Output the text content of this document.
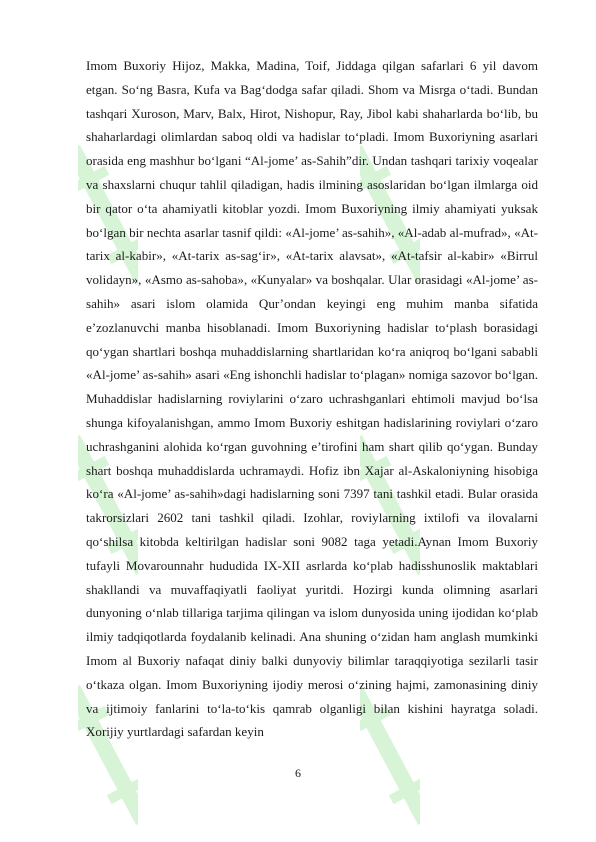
Imom Buxoriy Hijoz, Makka, Madina, Toif, Jiddaga qilgan safarlari 6 yil davom etgan. So‘ng Basra, Kufa va Bag‘dodga safar qiladi. Shom va Misrga o‘tadi. Bundan tashqari Xuroson, Marv, Balx, Hirot, Nishopur, Ray, Jibol kabi shaharlarda bo‘lib, bu shaharlardagi olimlardan saboq oldi va hadislar to‘pladi. Imom Buxoriyning asarlari orasida eng mashhur bo‘lgani “Al-jome’ as-Sahih”dir. Undan tashqari tarixiy voqealar va shaxslarni chuqur tahlil qiladigan, hadis ilmining asoslaridan bo‘lgan ilmlarga oid bir qator o‘ta ahamiyatli kitoblar yozdi. Imom Buxoriyning ilmiy ahamiyati yuksak bo‘lgan bir nechta asarlar tasnif qildi: «Al-jome’ as-sahih», «Al-adab al-mufrad», «At-tarix al-kabir», «At-tarix as-sag‘ir», «At-tarix alavsat», «At-tafsir al-kabir» «Birrul volidayn», «Asmo as-sahoba», «Kunyalar» va boshqalar. Ular orasidagi «Al-jome’ as-sahih» asari islom olamida Qur’ondan keyingi eng muhim manba sifatida e’zozlanuvchi manba hisoblanadi. Imom Buxoriyning hadislar to‘plash borasidagi qo‘ygan shartlari boshqa muhaddislarning shartlaridan ko‘ra aniqroq bo‘lgani sababli «Al-jome’ as-sahih» asari «Eng ishonchli hadislar to‘plagan» nomiga sazovor bo‘lgan. Muhaddislar hadislarning roviylarini o‘zaro uchrashganlari ehtimoli mavjud bo‘lsa shunga kifoyalanishgan, ammo Imom Buxoriy eshitgan hadislarining roviylari o‘zaro uchrashganini alohida ko‘rgan guvohning e’tirofini ham shart qilib qo‘ygan. Bunday shart boshqa muhaddislarda uchramaydi. Hofiz ibn Xajar al-Askaloniyning hisobiga ko‘ra «Al-jome’ as-sahih»dagi hadislarning soni 7397 tani tashkil etadi. Bular orasida takrorsizlari 2602 tani tashkil qiladi. Izohlar, roviylarning ixtilofi va ilovalarni qo‘shilsa kitobda keltirilgan hadislar soni 9082 taga yetadi.Aynan Imom Buxoriy tufayli Movarounnahr hududida IX-XII asrlarda ko‘plab hadisshunoslik maktablari shakllandi va muvaffaqiyatli faoliyat yuritdi. Hozirgi kunda olimning asarlari dunyoning o‘nlab tillariga tarjima qilingan va islom dunyosida uning ijodidan ko‘plab ilmiy tadqiqotlarda foydalanib kelinadi. Ana shuning o‘zidan ham anglash mumkinki Imom al Buxoriy nafaqat diniy balki dunyoviy bilimlar taraqqiyotiga sezilarli tasir o‘tkaza olgan. Imom Buxoriyning ijodiy merosi o‘zining hajmi, zamonasining diniy va ijtimoiy fanlarini to‘la-to‘kis qamrab olganligi bilan kishini hayratga soladi. Xorijiy yurtlardagi safardan keyin

6
